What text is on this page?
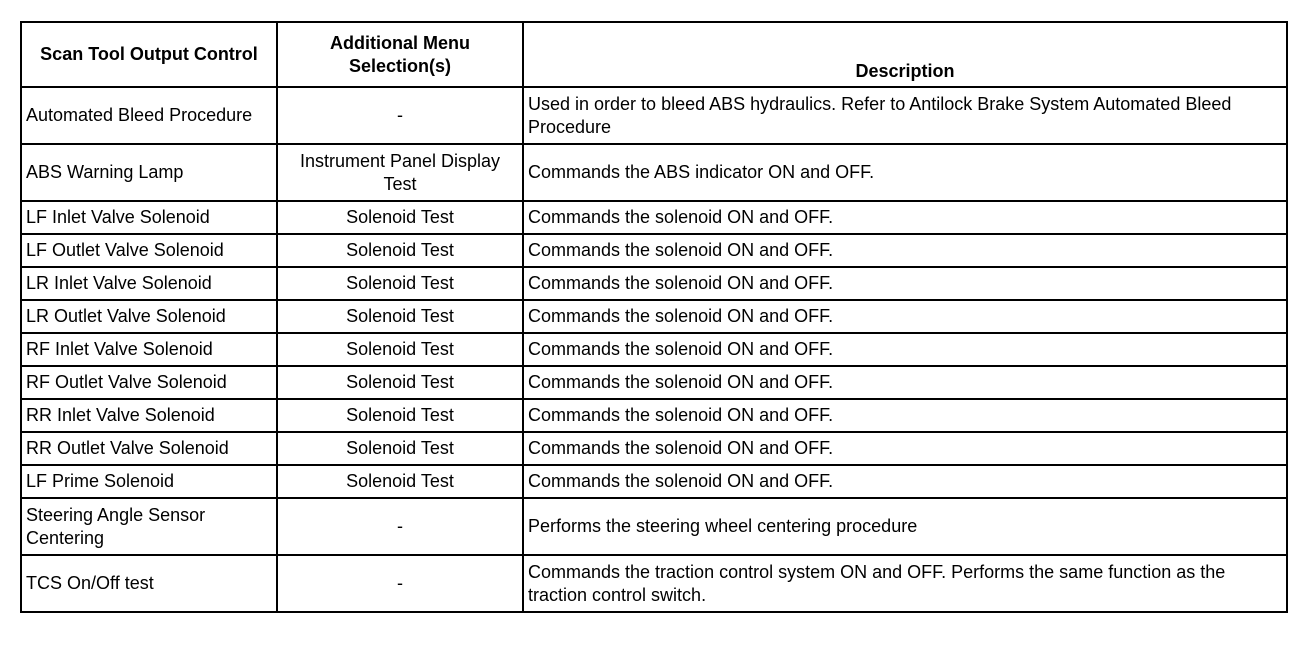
Scan Tool Output Control	Additional Menu Selection(s)	Description
Automated Bleed Procedure	-	Used in order to bleed ABS hydraulics. Refer to Antilock Brake System Automated Bleed Procedure
ABS Warning Lamp	Instrument Panel Display Test	Commands the ABS indicator ON and OFF.
LF Inlet Valve Solenoid	Solenoid Test	Commands the solenoid ON and OFF.
LF Outlet Valve Solenoid	Solenoid Test	Commands the solenoid ON and OFF.
LR Inlet Valve Solenoid	Solenoid Test	Commands the solenoid ON and OFF.
LR Outlet Valve Solenoid	Solenoid Test	Commands the solenoid ON and OFF.
RF Inlet Valve Solenoid	Solenoid Test	Commands the solenoid ON and OFF.
RF Outlet Valve Solenoid	Solenoid Test	Commands the solenoid ON and OFF.
RR Inlet Valve Solenoid	Solenoid Test	Commands the solenoid ON and OFF.
RR Outlet Valve Solenoid	Solenoid Test	Commands the solenoid ON and OFF.
LF Prime Solenoid	Solenoid Test	Commands the solenoid ON and OFF.
Steering Angle Sensor Centering	-	Performs the steering wheel centering procedure
TCS On/Off test	-	Commands the traction control system ON and OFF. Performs the same function as the traction control switch.
